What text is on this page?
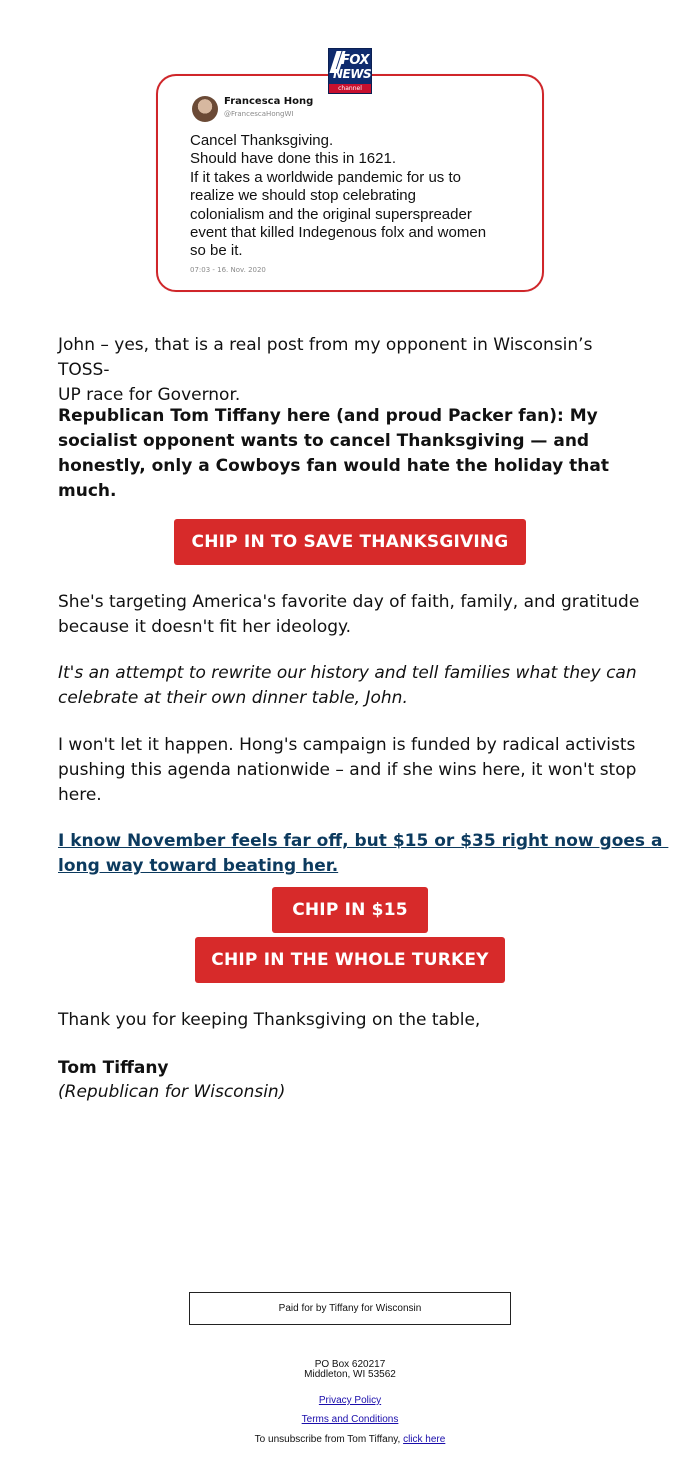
Francesca Hong
@FrancescaHongWI
Cancel Thanksgiving.
Should have done this in 1621.
If it takes a worldwide pandemic for us to
realize we should stop celebrating
colonialism and the original superspreader
event that killed Indegenous folx and women
so be it.
07:03 - 16. Nov. 2020
FOX
NEWS
channel
John – yes, that is a real post from my opponent in Wisconsin’s TOSS-
UP race for Governor.
Republican Tom Tiffany here (and proud Packer fan): My
socialist opponent wants to cancel Thanksgiving — and
honestly, only a Cowboys fan would hate the holiday that
much.
CHIP IN TO SAVE THANKSGIVING
She's targeting America's favorite day of faith, family, and gratitude
because it doesn't fit her ideology.
It's an attempt to rewrite our history and tell families what they can
celebrate at their own dinner table, John.
I won't let it happen. Hong's campaign is funded by radical activists
pushing this agenda nationwide – and if she wins here, it won't stop
here.
I know November feels far off, but $15 or $35 right now goes a
long way toward beating her.
CHIP IN $15
CHIP IN THE WHOLE TURKEY
Thank you for keeping Thanksgiving on the table,
Tom Tiffany
(Republican for Wisconsin)
Paid for by Tiffany for Wisconsin
PO Box 620217
Middleton, WI 53562
Privacy Policy
Terms and Conditions
To unsubscribe from Tom Tiffany, click here
